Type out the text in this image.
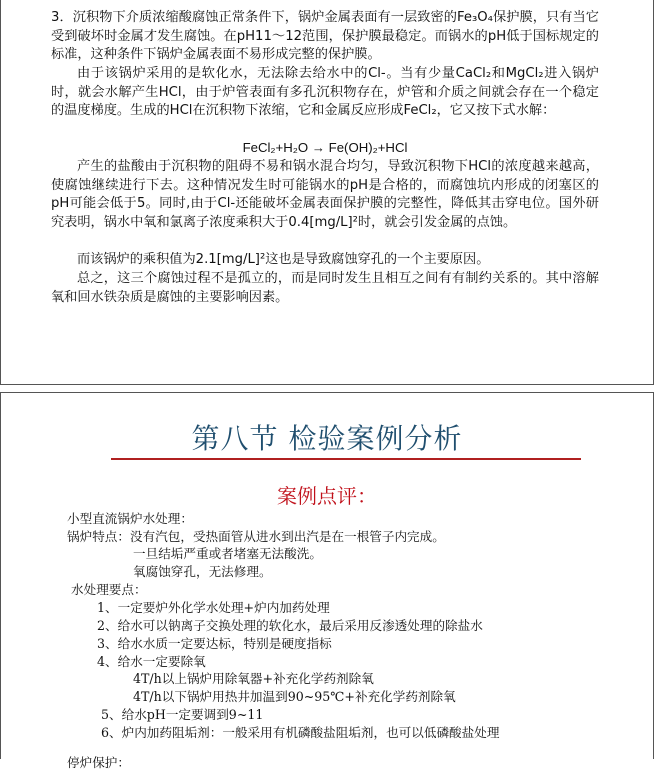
3．沉积物下介质浓缩酸腐蚀正常条件下，锅炉金属表面有一层致密的Fe₃O₄保护膜，只有当它受到破坏时金属才发生腐蚀。在pH11～12范围，保护膜最稳定。而锅水的pH低于国标规定的标准，这种条件下锅炉金属表面不易形成完整的保护膜。

由于该锅炉采用的是软化水，无法除去给水中的Cl-。当有少量CaCl₂和MgCl₂进入锅炉时，就会水解产生HCl，由于炉管表面有多孔沉积物存在，炉管和介质之间就会存在一个稳定的温度梯度。生成的HCl在沉积物下浓缩，它和金属反应形成FeCl₂，它又按下式水解：

FeCl₂+H₂O → Fe(OH)₂+HCl

产生的盐酸由于沉积物的阻碍不易和锅水混合均匀，导致沉积物下HCl的浓度越来越高，使腐蚀继续进行下去。这种情况发生时可能锅水的pH是合格的，而腐蚀坑内形成的闭塞区的pH可能会低于5。同时,由于Cl-还能破坏金属表面保护膜的完整性，降低其击穿电位。国外研究表明，锅水中氧和氯离子浓度乘积大于0.4[mg/L]²时，就会引发金属的点蚀。

而该锅炉的乘积值为2.1[mg/L]²这也是导致腐蚀穿孔的一个主要原因。

总之，这三个腐蚀过程不是孤立的，而是同时发生且相互之间有有制约关系的。其中溶解氧和回水铁杂质是腐蚀的主要影响因素。

第八节 检验案例分析
案例点评：
小型直流锅炉水处理：
锅炉特点：没有汽包，受热面管从进水到出汽是在一根管子内完成。
一旦结垢严重或者堵塞无法酸洗。
氧腐蚀穿孔，无法修理。
水处理要点：
1、一定要炉外化学水处理+炉内加药处理
2、给水可以钠离子交换处理的软化水，最后采用反渗透处理的除盐水
3、给水水质一定要达标，特别是硬度指标
4、给水一定要除氧
4T/h以上锅炉用除氧器+补充化学药剂除氧
4T/h以下锅炉用热井加温到90~95℃+补充化学药剂除氧
5、给水pH一定要调到9~11
6、炉内加药阻垢剂：一般采用有机磷酸盐阻垢剂，也可以低磷酸盐处理
停炉保护：
